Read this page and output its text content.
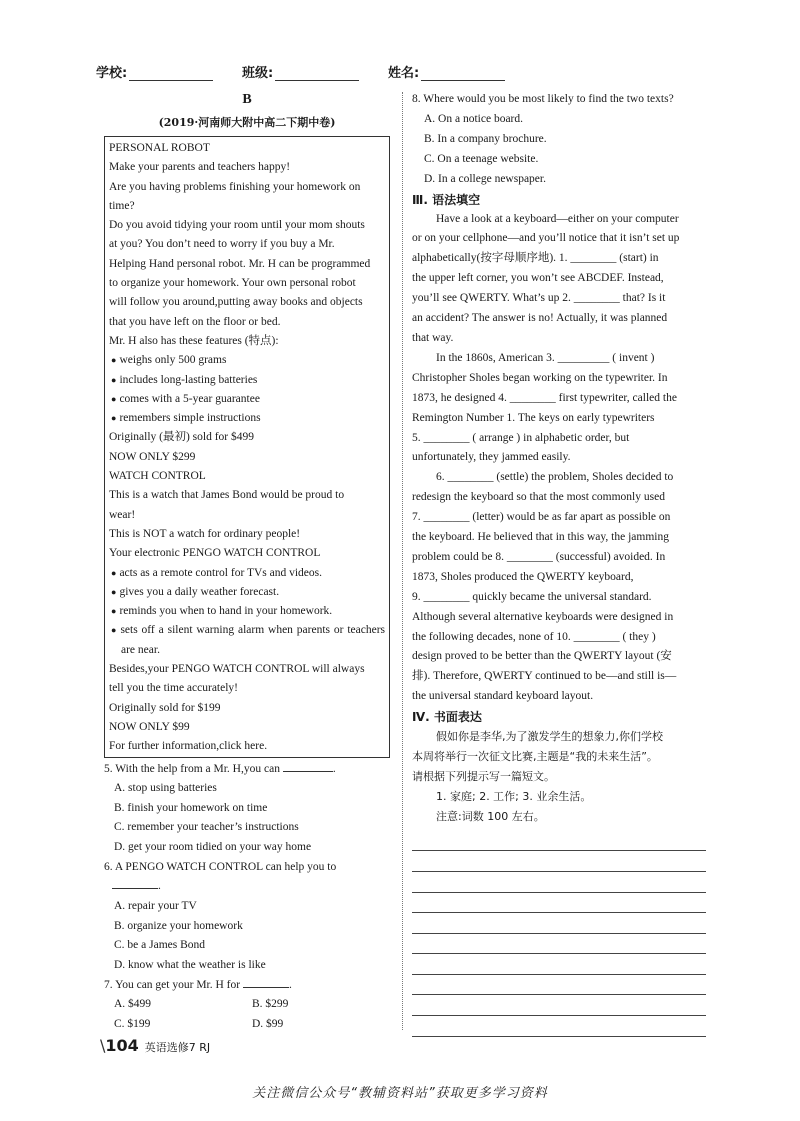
学校:	班级:	姓名:
B
(2019·河南师大附中高二下期中卷)
PERSONAL ROBOT
Make your parents and teachers happy!
Are you having problems finishing your homework on
time?
Do you avoid tidying your room until your mom shouts
at you? You don’t need to worry if you buy a Mr.
Helping Hand personal robot. Mr. H can be programmed
to organize your homework. Your own personal robot
will follow you around,putting away books and objects
that you have left on the floor or bed.
Mr. H also has these features (特点):
● weighs only 500 grams
● includes long-lasting batteries
● comes with a 5-year guarantee
● remembers simple instructions
Originally (最初) sold for $499
NOW ONLY $299
WATCH CONTROL
This is a watch that James Bond would be proud to
wear!
This is NOT a watch for ordinary people!
Your electronic PENGO WATCH CONTROL
● acts as a remote control for TVs and videos.
● gives you a daily weather forecast.
● reminds you when to hand in your homework.
● sets off a silent warning alarm when parents or teachers are near.
Besides,your PENGO WATCH CONTROL will always
tell you the time accurately!
Originally sold for $199
NOW ONLY $99
For further information,click here.
5. With the help from a Mr. H,you can	.
A. stop using batteries
B. finish your homework on time
C. remember your teacher’s instructions
D. get your room tidied on your way home
6. A PENGO WATCH CONTROL can help you to
.
A. repair your TV
B. organize your homework
C. be a James Bond
D. know what the weather is like
7. You can get your Mr. H for	.
A. $499	B. $299
C. $199	D. $99
8. Where would you be most likely to find the two texts?
A. On a notice board.
B. In a company brochure.
C. On a teenage website.
D. In a college newspaper.
Ⅲ. 语法填空
Have a look at a keyboard—either on your computer
or on your cellphone—and you’ll notice that it isn’t set up
alphabetically(按字母顺序地). 1. ________ (start) in
the upper left corner, you won’t see ABCDEF. Instead,
you’ll see QWERTY. What’s up 2. ________ that? Is it
an accident? The answer is no! Actually, it was planned
that way.
In the 1860s, American 3. _________ ( invent )
Christopher Sholes began working on the typewriter. In
1873, he designed 4. ________ first typewriter, called the
Remington Number 1. The keys on early typewriters
5. ________ ( arrange ) in alphabetic order, but
unfortunately, they jammed easily.
6. ________ (settle) the problem, Sholes decided to
redesign the keyboard so that the most commonly used
7. ________ (letter) would be as far apart as possible on
the keyboard. He believed that in this way, the jamming
problem could be 8. ________ (successful) avoided. In
1873, Sholes produced the QWERTY keyboard,
9. ________ quickly became the universal standard.
Although several alternative keyboards were designed in
the following decades, none of 10. ________ ( they )
design proved to be better than the QWERTY layout (安
排). Therefore, QWERTY continued to be—and still is—
the universal standard keyboard layout.
Ⅳ. 书面表达
假如你是李华,为了激发学生的想象力,你们学校
本周将举行一次征文比赛,主题是“我的未来生活”。
请根据下列提示写一篇短文。
1. 家庭; 2. 工作; 3. 业余生活。
注意:词数 100 左右。
\104 英语选修7 RJ
关注微信公众号“教辅资料站”获取更多学习资料
